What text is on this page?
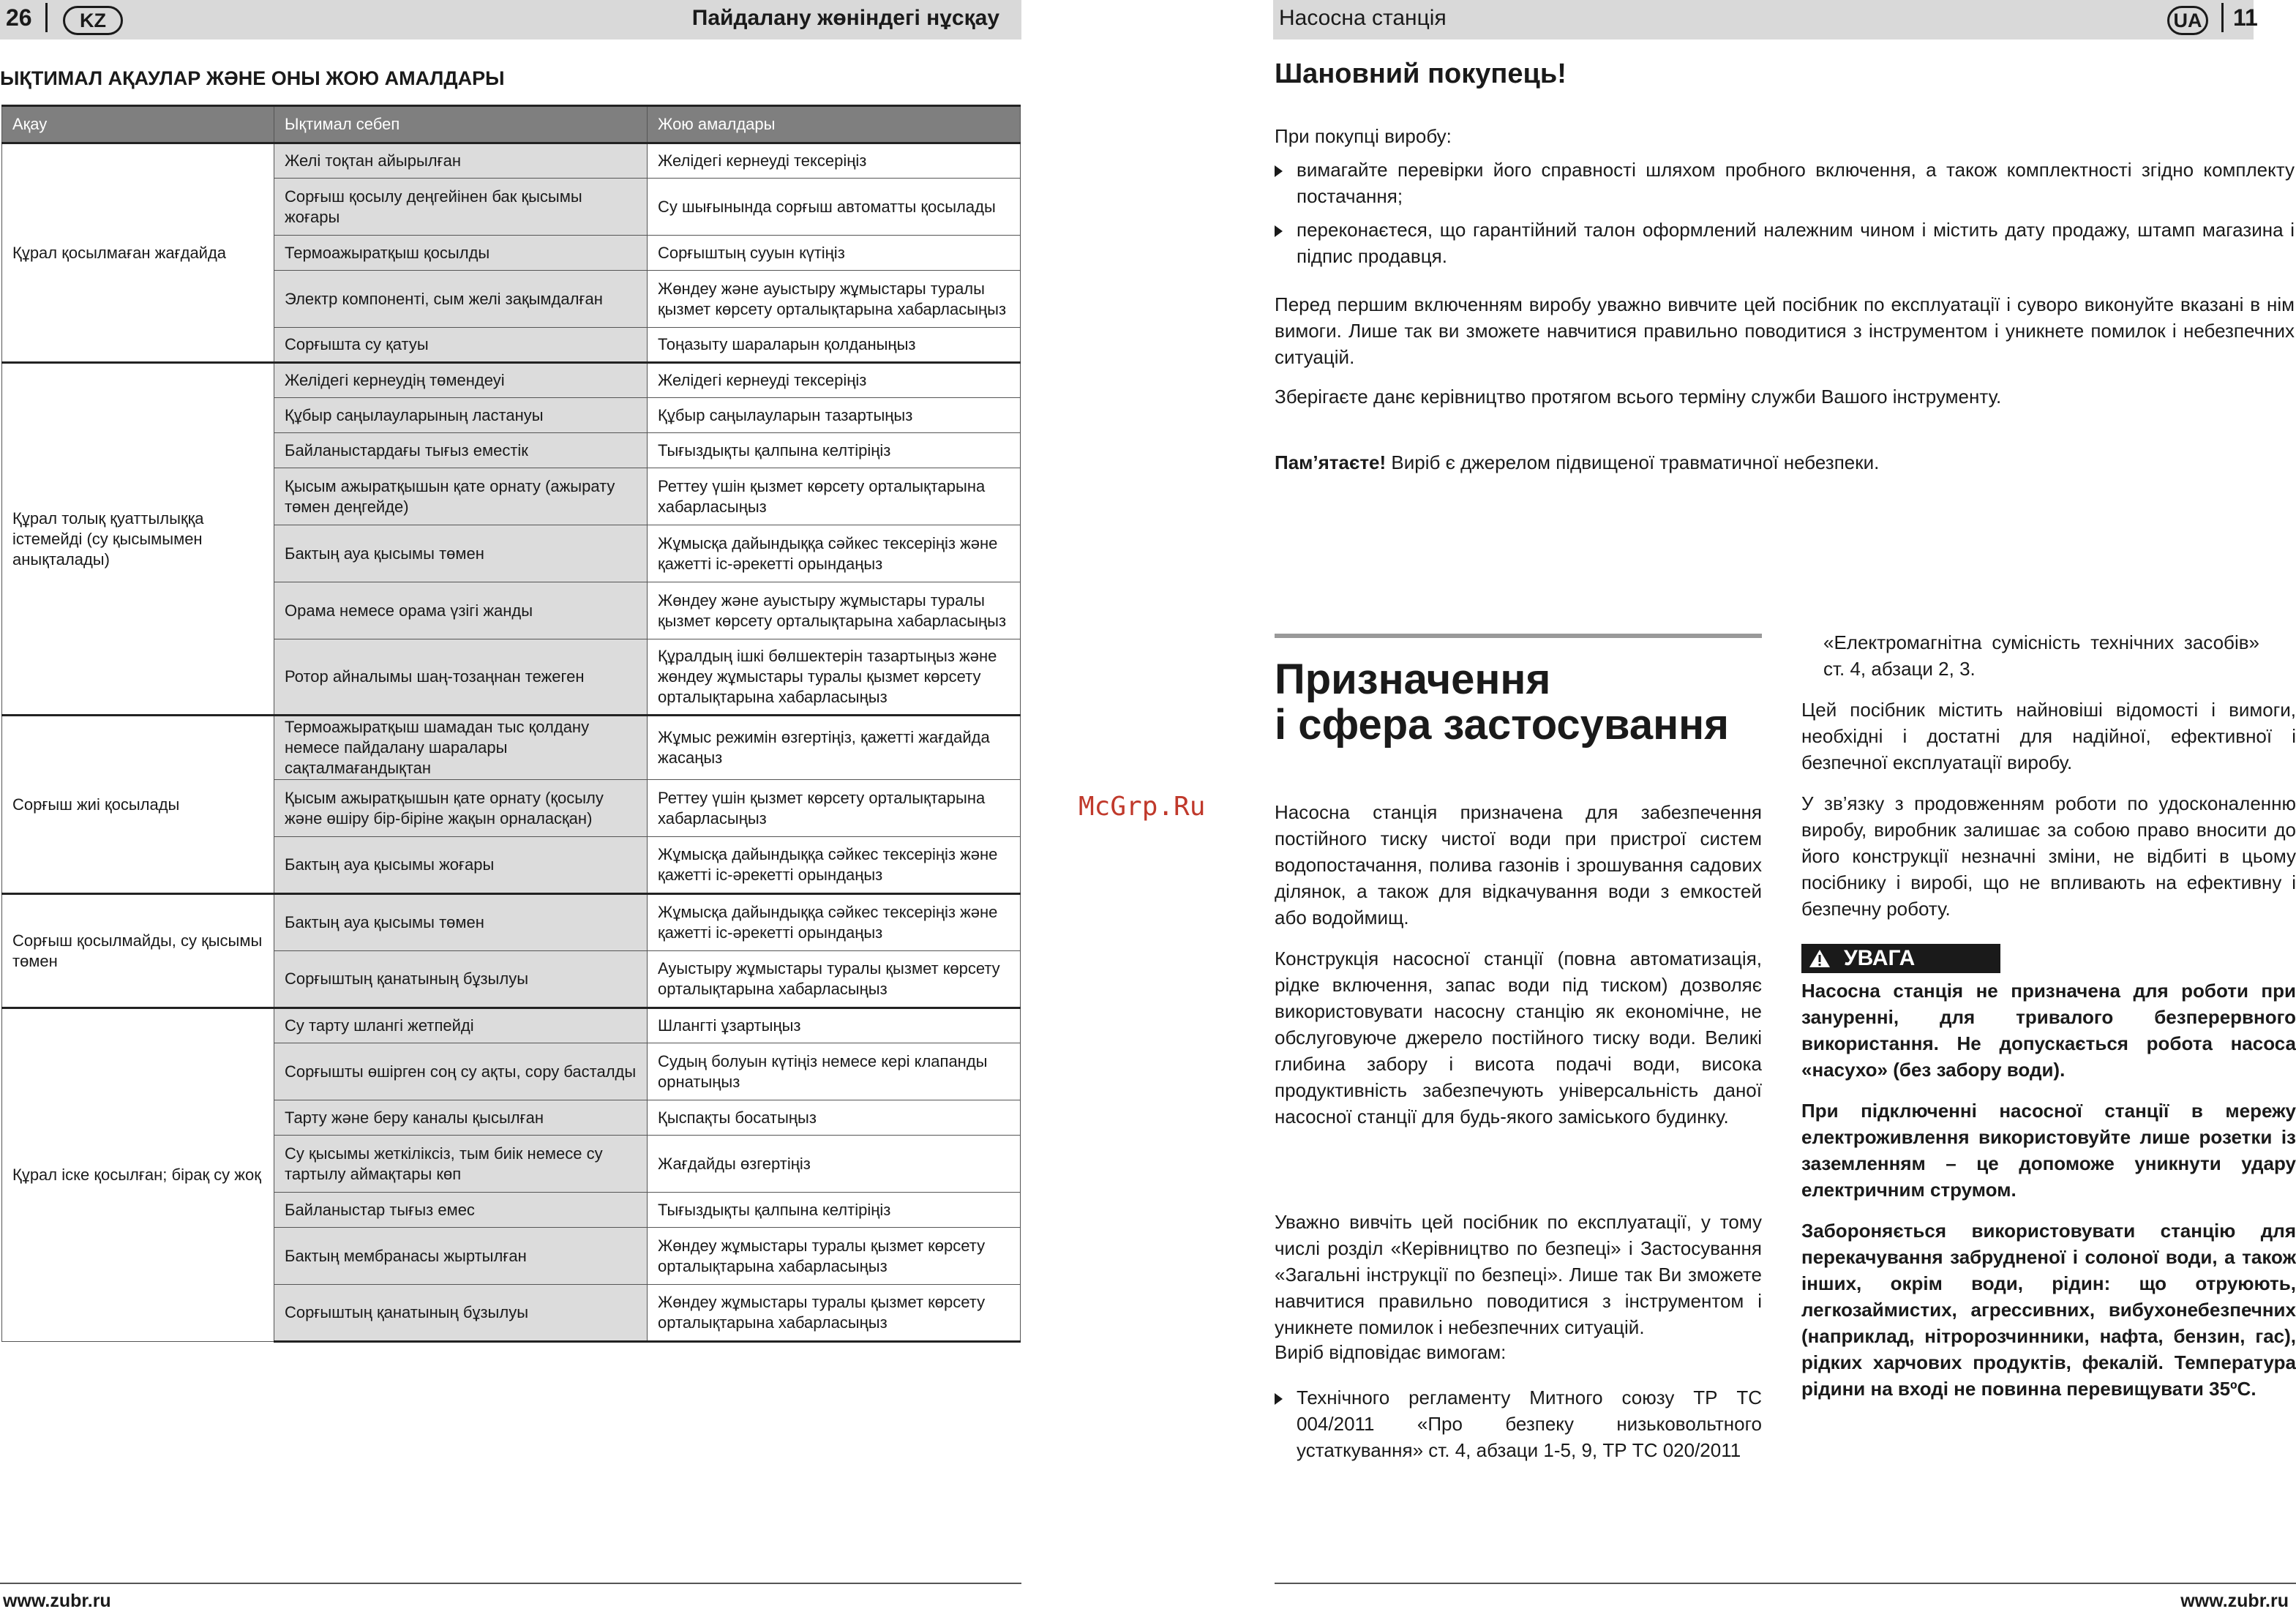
26	KZ	Пайдалану жөніндегі нұсқау
ЫҚТИМАЛ АҚАУЛАР ЖӘНЕ ОНЫ ЖОЮ АМАЛДАРЫ
Ақау	Ықтимал себеп	Жою амалдары
Құрал қосылмаған жағдайда	Желі тоқтан айырылған	Желідегі кернеуді тексеріңіз
	Сорғыш қосылу деңгейінен бак қысымы жоғары	Су шығынында сорғыш автоматты қосылады
	Термоажыратқыш қосылды	Сорғыштың сууын күтіңіз
	Электр компоненті, сым желі зақымдалған	Жөндеу және ауыстыру жұмыстары туралы қызмет көрсету орталықтарына хабарласыңыз
	Сорғышта су қатуы	Тоңазыту шараларын қолданыңыз
Құрал толық қуаттылыққа істемейді (су қысымымен анықталады)	Желідегі кернеудің төмендеуі	Желідегі кернеуді тексеріңіз
	Құбыр саңылауларының ластануы	Құбыр саңылауларын тазартыңыз
	Байланыстардағы тығыз еместік	Тығыздықты қалпына келтіріңіз
	Қысым ажыратқышын қате орнату (ажырату төмен деңгейде)	Реттеу үшін қызмет көрсету орталықтарына хабарласыңыз
	Бактың ауа қысымы төмен	Жұмысқа дайындыққа сәйкес тексеріңіз және қажетті іс-әрекетті орындаңыз
	Орама немесе орама үзігі жанды	Жөндеу және ауыстыру жұмыстары туралы қызмет көрсету орталықтарына хабарласыңыз
	Ротор айналымы шаң-тозаңнан тежеген	Құралдың ішкі бөлшектерін тазартыңыз және жөндеу жұмыстары туралы қызмет көрсету орталықтарына хабарласыңыз
Сорғыш жиі қосылады	Термоажыратқыш шамадан тыс қолдану немесе пайдалану шаралары сақталмағандықтан	Жұмыс режимін өзгертіңіз, қажетті жағдайда жасаңыз
	Қысым ажыратқышын қате орнату (қосылу және өшіру бір-біріне жақын орналасқан)	Реттеу үшін қызмет көрсету орталықтарына хабарласыңыз
	Бактың ауа қысымы жоғары	Жұмысқа дайындыққа сәйкес тексеріңіз және қажетті іс-әрекетті орындаңыз
Сорғыш қосылмайды, су қысымы төмен	Бактың ауа қысымы төмен	Жұмысқа дайындыққа сәйкес тексеріңіз және қажетті іс-әрекетті орындаңыз
	Сорғыштың қанатының бұзылуы	Ауыстыру жұмыстары туралы қызмет көрсету орталықтарына хабарласыңыз
Құрал іске қосылған; бірақ су жоқ	Су тарту шлангі жетпейді	Шлангті ұзартыңыз
	Сорғышты өшірген соң су ақты, сору басталды	Судың болуын күтіңіз немесе кері клапанды орнатыңыз
	Тарту және беру каналы қысылған	Қыспақты босатыңыз
	Су қысымы жеткіліксіз, тым биік немесе су тартылу аймақтары көп	Жағдайды өзгертіңіз
	Байланыстар тығыз емес	Тығыздықты қалпына келтіріңіз
	Бактың мембранасы жыртылған	Жөндеу жұмыстары туралы қызмет көрсету орталықтарына хабарласыңыз
	Сорғыштың қанатының бұзылуы	Жөндеу жұмыстары туралы қызмет көрсету орталықтарына хабарласыңыз
www.zubr.ru
Насосна станція	UA 11
Шановний покупець!

При покупці виробу:

вимагайте перевірки його справності шляхом пробного включення, а також комплектності згідно комплекту постачання;
переконаєтеся, що гарантійний талон оформлений належним чином і містить дату продажу, штамп магазина і підпис продавця.

Перед першим включенням виробу уважно вивчите цей посібник по експлуатації і суворо виконуйте вказані в нім вимоги. Лише так ви зможете навчитися правильно поводитися з інструментом і уникнете помилок і небезпечних ситуацій.

Зберігаєте данє керівництво протягом всього терміну служби Вашого інструменту.

Пам’ятаєте! Виріб є джерелом підвищеної травматичної небезпеки.

Призначення
і сфера застосування

Насосна станція призначена для забезпечення постійного тиску чистої води при пристрої систем водопостачання, полива газонів і зрошування садових ділянок, а також для відкачування води з емкостей або водоймищ.

Конструкція насосної станції (повна автоматизація, рідке включення, запас води під тиском) дозволяє використовувати насосну станцію як економічне, не обслуговуюче джерело постійного тиску води. Великі глибина забору і висота подачі води, висока продуктивність забезпечують універсальність даної насосної станції для будь-якого заміського будинку.

Уважно вивчіть цей посібник по експлуатації, у тому числі розділ «Керівництво по безпеці» і Застосування «Загальні інструкції по безпеці». Лише так Ви зможете навчитися правильно поводитися з інструментом і уникнете помилок і небезпечних ситуацій.

Виріб відповідає вимогам:

Технічного регламенту Митного союзу ТР ТС 004/2011 «Про безпеку низьковольтного устаткування» ст. 4, абзаци 1-5, 9, ТР ТС 020/2011

«Електромагнітна сумісність технічних засобів» ст. 4, абзаци 2, 3.

Цей посібник містить найновіші відомості і вимоги, необхідні і достатні для надійної, ефективної і безпечної експлуатації виробу.

У зв’язку з продовженням роботи по удосконаленню виробу, виробник залишає за собою право вносити до його конструкції незначні зміни, не відбиті в цьому посібнику і виробі, що не впливають на ефективну і безпечну роботу.

УВАГА

Насосна станція не призначена для роботи при зануренні, для тривалого безперервного використання. Не допускається робота насоса «насухо» (без забору води).

При підключенні насосної станції в мережу електроживлення використовуйте лише розетки із заземленням – це допоможе уникнути удару електричним струмом.

Забороняється використовувати станцію для перекачування забрудненої і солоної води, а також інших, окрім води, рідин: що отруюють, легкозаймистих, агрессивних, вибухонебезпечних (наприклад, нітророзчинники, нафта, бензин, гас), рідких харчових продуктів, фекалій. Температура рідини на вході не повинна перевищувати 35ºС.

www.zubr.ru
McGrp.Ru
